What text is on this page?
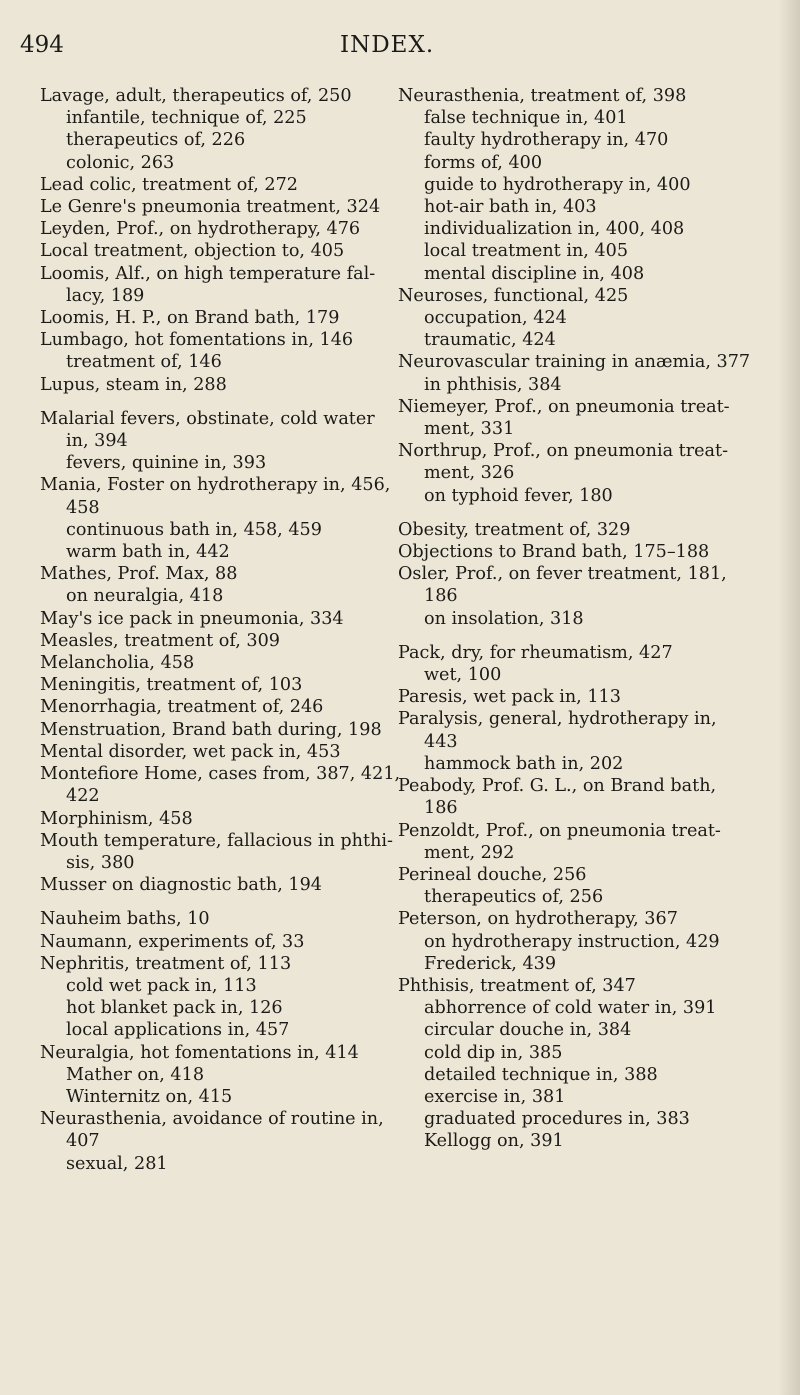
494	INDEX.
Lavage, adult, therapeutics of, 250
infantile, technique of, 225
therapeutics of, 226
colonic, 263
Lead colic, treatment of, 272
Le Genre's pneumonia treatment, 324
Leyden, Prof., on hydrotherapy, 476
Local treatment, objection to, 405
Loomis, Alf., on high temperature fal-
lacy, 189
Loomis, H. P., on Brand bath, 179
Lumbago, hot fomentations in, 146
treatment of, 146
Lupus, steam in, 288
Malarial fevers, obstinate, cold water
in, 394
fevers, quinine in, 393
Mania, Foster on hydrotherapy in, 456,
458
continuous bath in, 458, 459
warm bath in, 442
Mathes, Prof. Max, 88
on neuralgia, 418
May's ice pack in pneumonia, 334
Measles, treatment of, 309
Melancholia, 458
Meningitis, treatment of, 103
Menorrhagia, treatment of, 246
Menstruation, Brand bath during, 198
Mental disorder, wet pack in, 453
Montefiore Home, cases from, 387, 421,
422
Morphinism, 458
Mouth temperature, fallacious in phthi-
sis, 380
Musser on diagnostic bath, 194
Nauheim baths, 10
Naumann, experiments of, 33
Nephritis, treatment of, 113
cold wet pack in, 113
hot blanket pack in, 126
local applications in, 457
Neuralgia, hot fomentations in, 414
Mather on, 418
Winternitz on, 415
Neurasthenia, avoidance of routine in,
407
sexual, 281
Neurasthenia, treatment of, 398
false technique in, 401
faulty hydrotherapy in, 470
forms of, 400
guide to hydrotherapy in, 400
hot-air bath in, 403
individualization in, 400, 408
local treatment in, 405
mental discipline in, 408
Neuroses, functional, 425
occupation, 424
traumatic, 424
Neurovascular training in anæmia, 377
in phthisis, 384
Niemeyer, Prof., on pneumonia treat-
ment, 331
Northrup, Prof., on pneumonia treat-
ment, 326
on typhoid fever, 180
Obesity, treatment of, 329
Objections to Brand bath, 175–188
Osler, Prof., on fever treatment, 181,
186
on insolation, 318
Pack, dry, for rheumatism, 427
wet, 100
Paresis, wet pack in, 113
Paralysis, general, hydrotherapy in,
443
hammock bath in, 202
Peabody, Prof. G. L., on Brand bath,
186
Penzoldt, Prof., on pneumonia treat-
ment, 292
Perineal douche, 256
therapeutics of, 256
Peterson, on hydrotherapy, 367
on hydrotherapy instruction, 429
Frederick, 439
Phthisis, treatment of, 347
abhorrence of cold water in, 391
circular douche in, 384
cold dip in, 385
detailed technique in, 388
exercise in, 381
graduated procedures in, 383
Kellogg on, 391
